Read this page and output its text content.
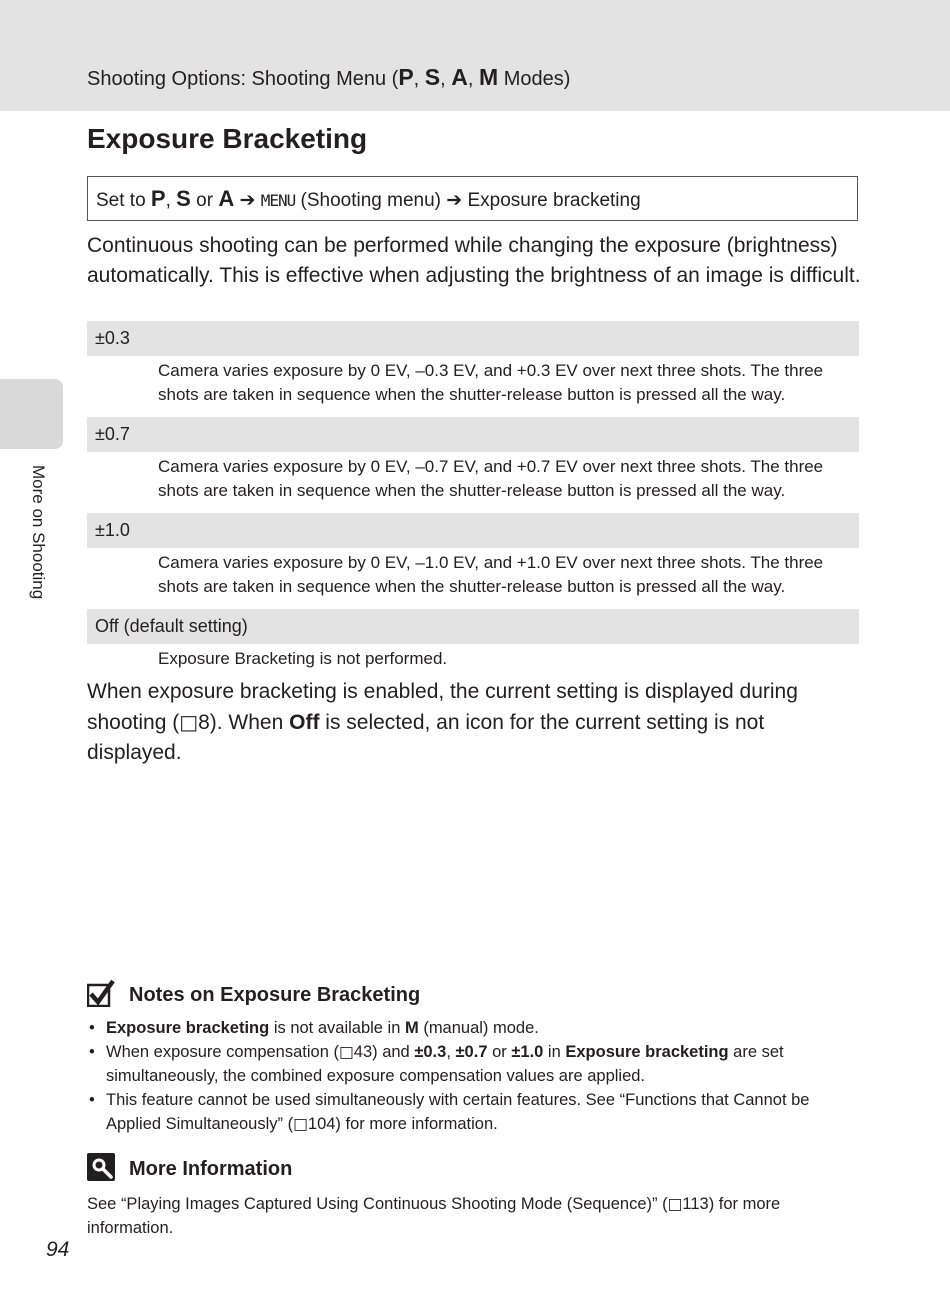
Shooting Options: Shooting Menu (P, S, A, M Modes)
More on Shooting
Exposure Bracketing
Set to P, S or A ➔ MENU (Shooting menu) ➔ Exposure bracketing

Continuous shooting can be performed while changing the exposure (brightness)

automatically. This is effective when adjusting the brightness of an image is difficult.

±0.3
Camera varies exposure by 0 EV, –0.3 EV, and +0.3 EV over next three shots. The three
shots are taken in sequence when the shutter-release button is pressed all the way.
±0.7
Camera varies exposure by 0 EV, –0.7 EV, and +0.7 EV over next three shots. The three
shots are taken in sequence when the shutter-release button is pressed all the way.
±1.0
Camera varies exposure by 0 EV, –1.0 EV, and +1.0 EV over next three shots. The three
shots are taken in sequence when the shutter-release button is pressed all the way.
Off (default setting)
Exposure Bracketing is not performed.

When exposure bracketing is enabled, the current setting is displayed during

shooting (□8). When Off is selected, an icon for the current setting is not

displayed.

Notes on Exposure Bracketing

• Exposure bracketing is not available in M (manual) mode.

• When exposure compensation (□43) and ±0.3, ±0.7 or ±1.0 in Exposure bracketing are set

simultaneously, the combined exposure compensation values are applied.

• This feature cannot be used simultaneously with certain features. See “Functions that Cannot be

Applied Simultaneously” (□104) for more information.

More Information

See “Playing Images Captured Using Continuous Shooting Mode (Sequence)” (□113) for more

information.

94
